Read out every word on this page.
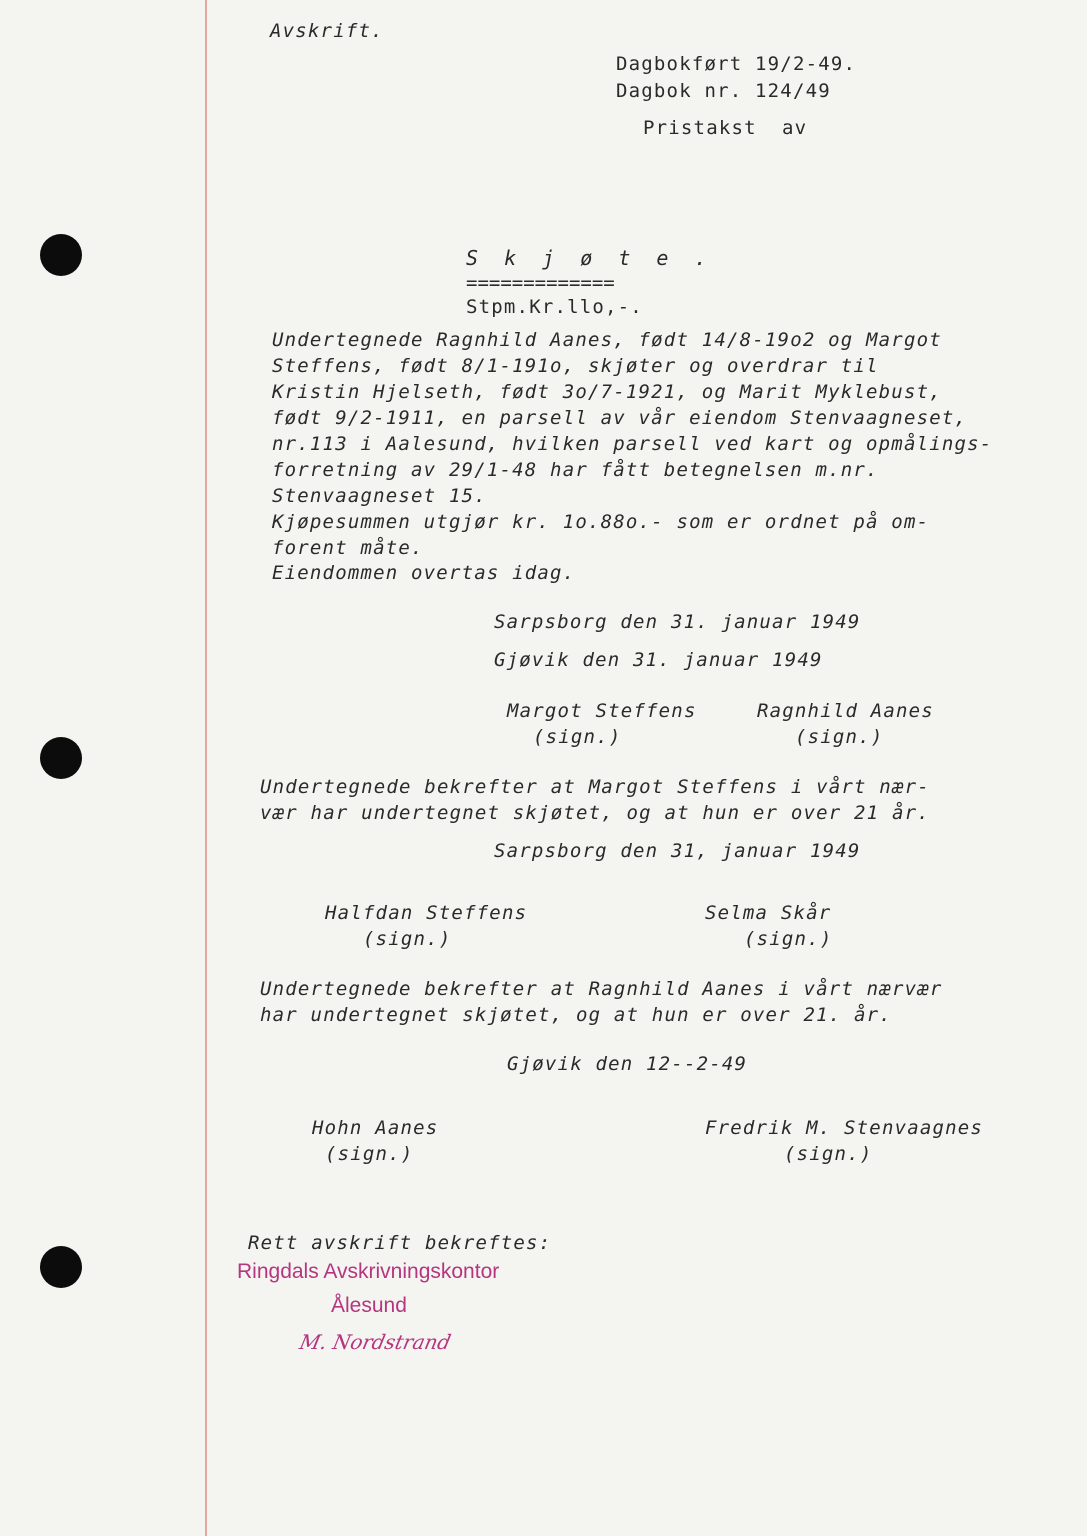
Avskrift.
Dagbokført 19/2-49.
Dagbok nr. 124/49
Pristakst  av
S k j ø t e .
=============
Stpm.Kr.llo,-.
Undertegnede Ragnhild Aanes, født 14/8-19o2 og Margot
Steffens, født 8/1-191o, skjøter og overdrar til
Kristin Hjelseth, født 3o/7-1921, og Marit Myklebust,
født 9/2-1911, en parsell av vår eiendom Stenvaagneset,
nr.113 i Aalesund, hvilken parsell ved kart og opmålings-
forretning av 29/1-48 har fått betegnelsen m.nr.
Stenvaagneset 15.
Kjøpesummen utgjør kr. 1o.88o.- som er ordnet på om-
forent måte.
Eiendommen overtas idag.
Sarpsborg den 31. januar 1949
Gjøvik den 31. januar 1949
Margot Steffens
(sign.)
Ragnhild Aanes
(sign.)
Undertegnede bekrefter at Margot Steffens i vårt nær-
vær har undertegnet skjøtet, og at hun er over 21 år.
Sarpsborg den 31, januar 1949
Halfdan Steffens
(sign.)
Selma Skår
(sign.)
Undertegnede bekrefter at Ragnhild Aanes i vårt nærvær
har undertegnet skjøtet, og at hun er over 21. år.
Gjøvik den 12--2-49
Hohn Aanes
(sign.)
Fredrik M. Stenvaagnes
(sign.)
Rett avskrift bekreftes:
Ringdals Avskrivningskontor
Ålesund
M. Nordstrand
